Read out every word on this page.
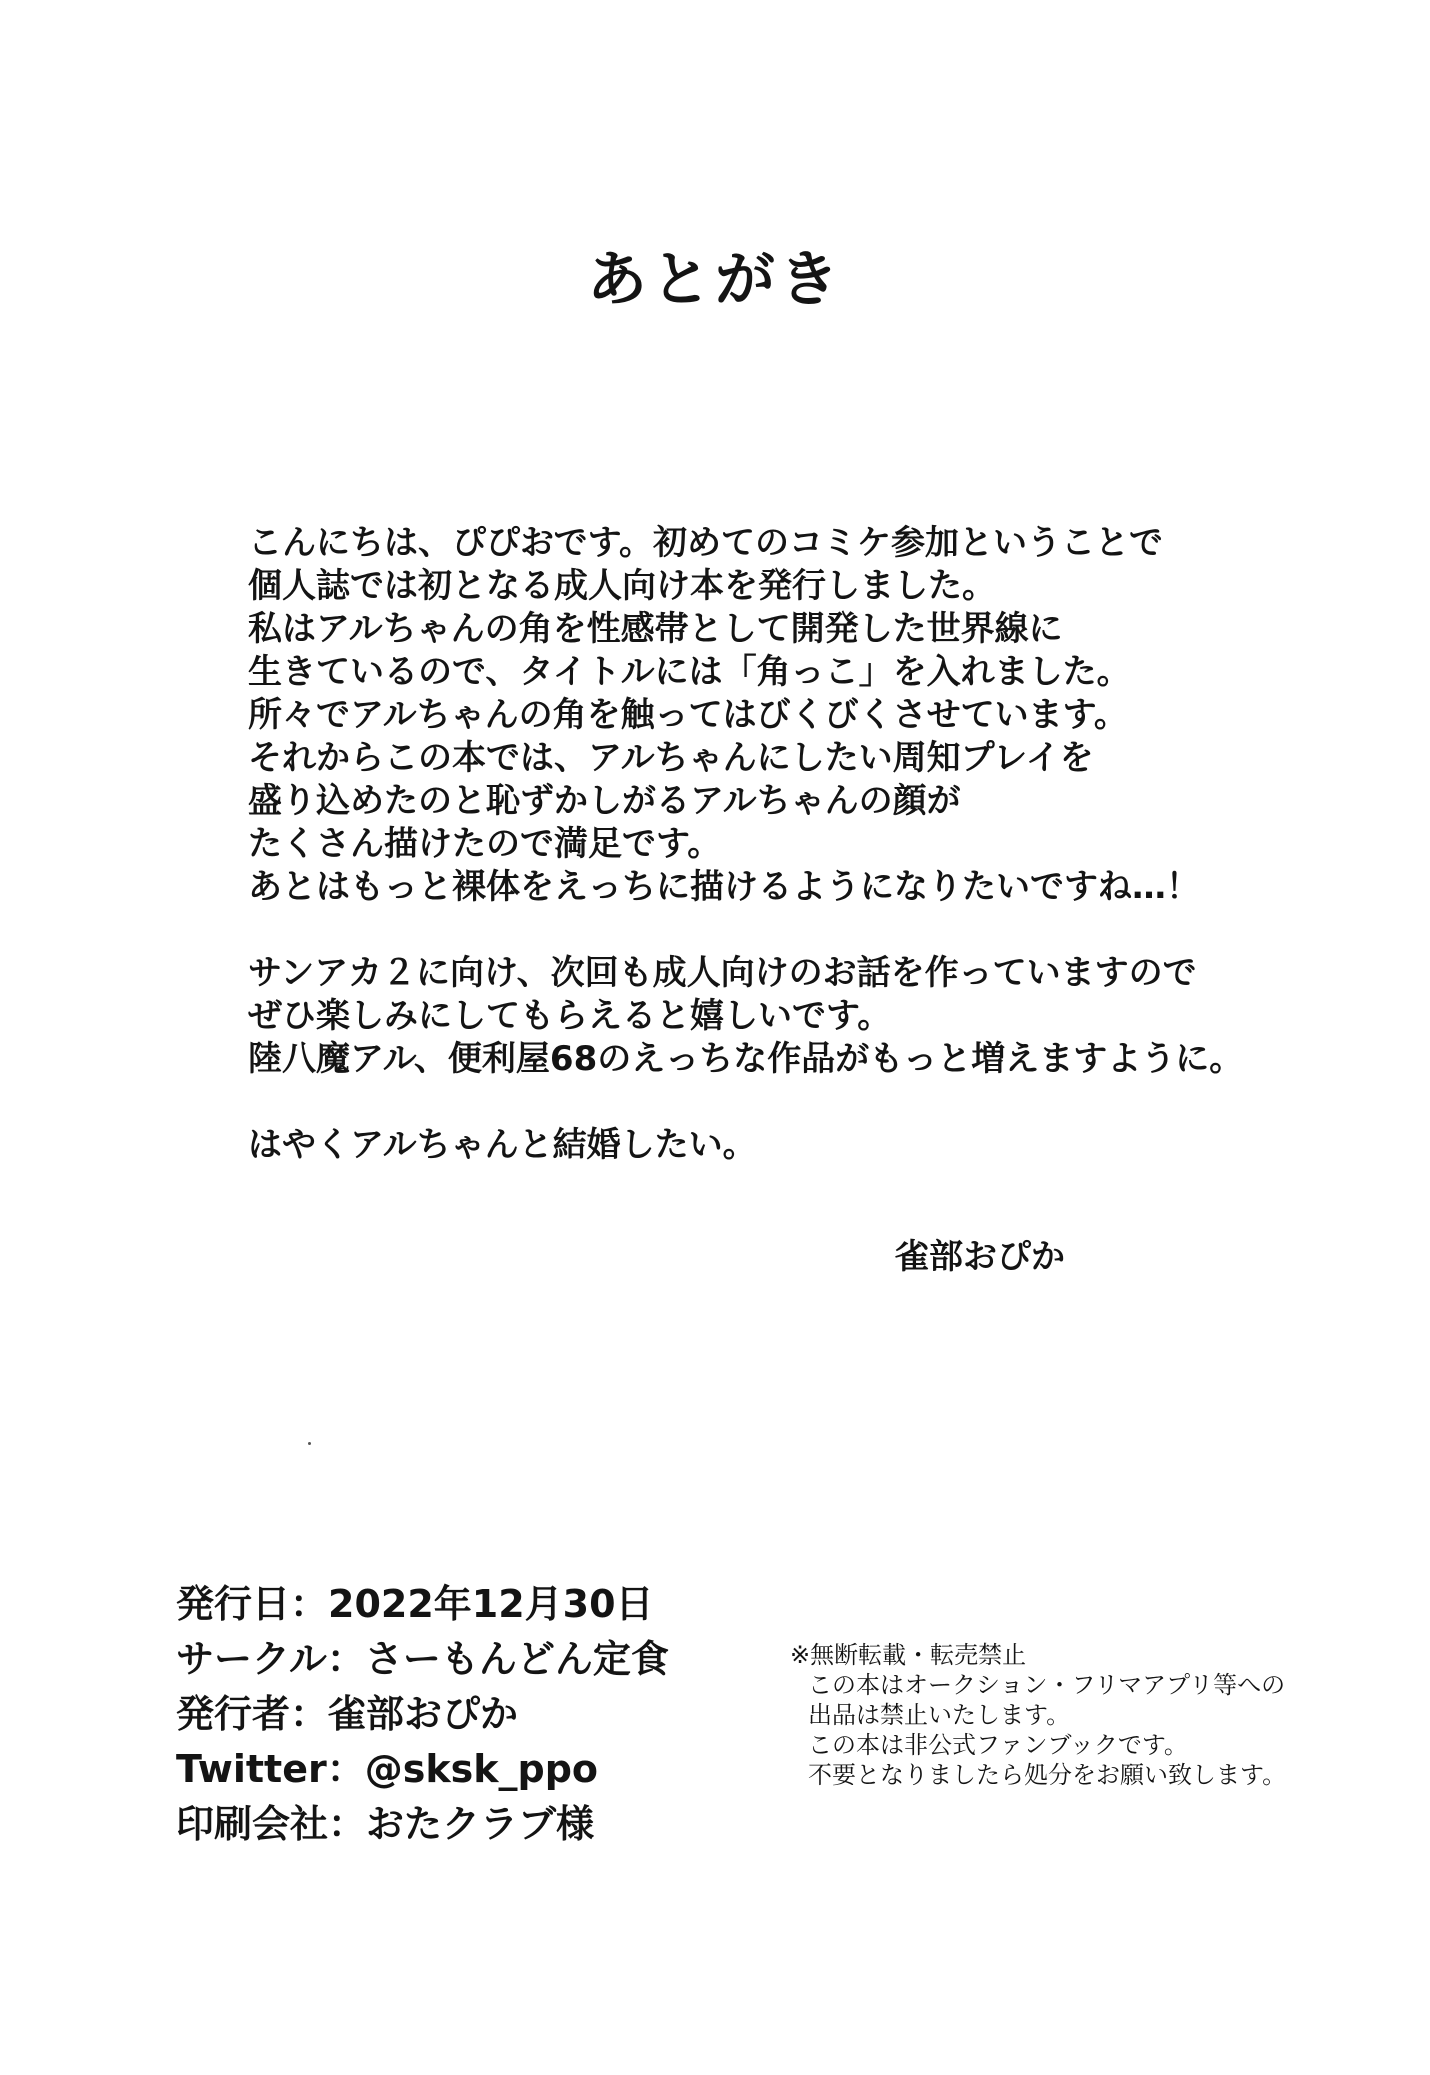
あとがき
こんにちは、ぴぴおです。初めてのコミケ参加ということで
個人誌では初となる成人向け本を発行しました。
私はアルちゃんの角を性感帯として開発した世界線に
生きているので、タイトルには「角っこ」を入れました。
所々でアルちゃんの角を触ってはびくびくさせています。
それからこの本では、アルちゃんにしたい周知プレイを
盛り込めたのと恥ずかしがるアルちゃんの顔が
たくさん描けたので満足です。
あとはもっと裸体をえっちに描けるようになりたいですね…！
サンアカ２に向け、次回も成人向けのお話を作っていますので
ぜひ楽しみにしてもらえると嬉しいです。
陸八魔アル、便利屋68のえっちな作品がもっと増えますように。
はやくアルちゃんと結婚したい。
雀部おぴか
発行日：2022年12月30日
サークル：さーもんどん定食
発行者：雀部おぴか
Twitter：@sksk_ppo
印刷会社：おたクラブ様
※無断転載・転売禁止
この本はオークション・フリマアプリ等への
出品は禁止いたします。
この本は非公式ファンブックです。
不要となりましたら処分をお願い致します。
